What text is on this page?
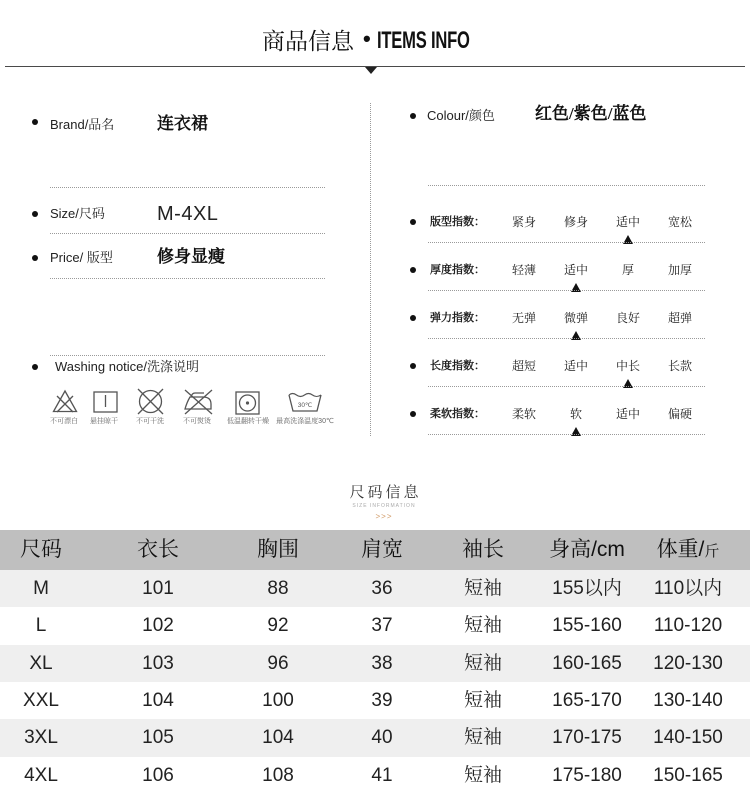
商品信息 • ITEMS INFO
Brand/品名	连衣裙
Size/尺码	M-4XL
Price/ 版型	修身显瘦
Washing notice/洗涤说明
30℃
不可漂白	悬挂晾干	不可干洗	不可熨烫	低温翻转干燥	最高洗涤温度30℃
Colour/颜色 红色/紫色/蓝色
版型指数：	紧身	修身	适中	宽松
厚度指数：	轻薄	适中	厚	加厚
弹力指数：	无弹	微弹	良好	超弹
长度指数：	超短	适中	中长	长款
柔软指数：	柔软	软	适中	偏硬
尺码信息
SIZE INFORMATION
>>>
尺码	衣长	胸围	肩宽	袖长	身高/cm	体重/斤
M	101	88	36	短袖	155以内	110以内
L	102	92	37	短袖	155-160	110-120
XL	103	96	38	短袖	160-165	120-130
XXL	104	100	39	短袖	165-170	130-140
3XL	105	104	40	短袖	170-175	140-150
4XL	106	108	41	短袖	175-180	150-165
